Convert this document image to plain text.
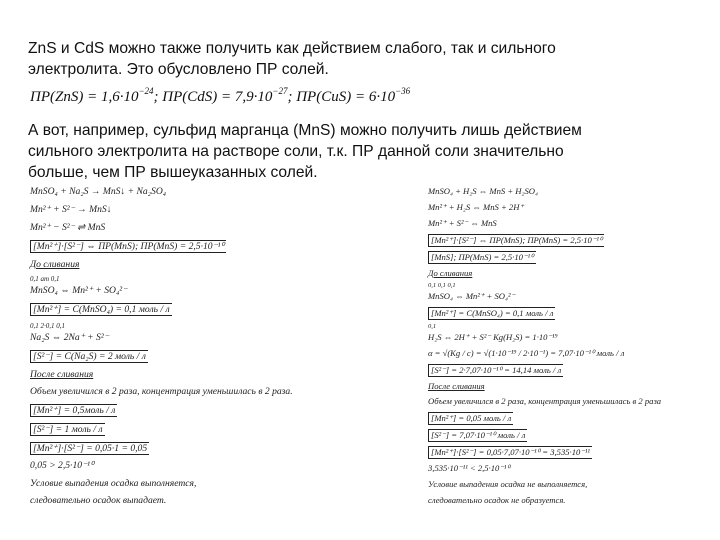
ZnS и CdS можно также получить как действием слабого, так и сильного

электролита. Это обусловлено ПР солей.

$ПР(ZnS) = 1,6\cdot 10^{-24}$; $ПР(CdS) = 7,9\cdot 10^{-27}$; $ПР(CuS) = 6\cdot 10^{-36}$

А вот, например, сульфид марганца (MnS) можно получить лишь действием

сильного электролита на растворе соли, т.к. ПР данной соли значительно

больше, чем ПР вышеуказанных солей.

MnSO₄ + Na₂S → MnS↓ + Na₂SO₄
Mn²⁺ + S²⁻ → MnS↓
Mn²⁺ − S²⁻ ⇌ MnS
[Mn²⁺]·[S²⁻] ⇔ ПР(MnS); ПР(MnS) = 2,5·10⁻¹⁰
До сливания
0,1 ат 0,1
MnSO₄ ⇔ Mn²⁺ + SO₄²⁻
[Mn²⁺] = C(MnSO₄) = 0,1 моль / л
0,1 2·0,1 0,1
Na₂S ⇔ 2Na⁺ + S²⁻
[S²⁻] = C(Na₂S) = 2 моль / л
После сливания
Объем увеличился в 2 раза, концентрация уменьшилась в 2 раза.
[Mn²⁺] = 0,5моль / л
[S²⁻] = 1 моль / л
[Mn²⁺]·[S²⁻] = 0,05·1 = 0,05
0,05 > 2,5·10⁻¹⁰
Условие выпадения осадка выполняется,
следовательно осадок выпадает.
MnSO₄ + H₂S ⇔ MnS + H₂SO₄
Mn²⁺ + H₂S ⇔ MnS + 2H⁺
Mn²⁺ + S²⁻ ⇔ MnS
[Mn²⁺]·[S²⁻] ⇔ ПР(MnS); ПР(MnS) = 2,5·10⁻¹⁰
[MnS]; ПР(MnS) = 2,5·10⁻¹⁰
До сливания
0,1 0,1 0,1
MnSO₄ ⇔ Mn²⁺ + SO₄²⁻
[Mn²⁺] = C(MnSO₄) = 0,1 моль / л
0,1
H₂S ⇔ 2H⁺ + S²⁻ Kg(H₂S) = 1·10⁻¹⁹
α = √(Kg / c) = √(1·10⁻¹⁹ / 2·10⁻¹) = 7,07·10⁻¹⁰ моль / л
[S²⁻] = 2·7,07·10⁻¹⁰ = 14,14 моль / л
После сливания
Объем увеличился в 2 раза, концентрация уменьшилась в 2 раза
[Mn²⁺] = 0,05 моль / л
[S²⁻] = 7,07·10⁻¹⁰ моль / л
[Mn²⁺]·[S²⁻] = 0,05·7,07·10⁻¹⁰ = 3,535·10⁻¹¹
3,535·10⁻¹¹ < 2,5·10⁻¹⁰
Условие выпадения осадка не выполняется,
следовательно осадок не образуется.
